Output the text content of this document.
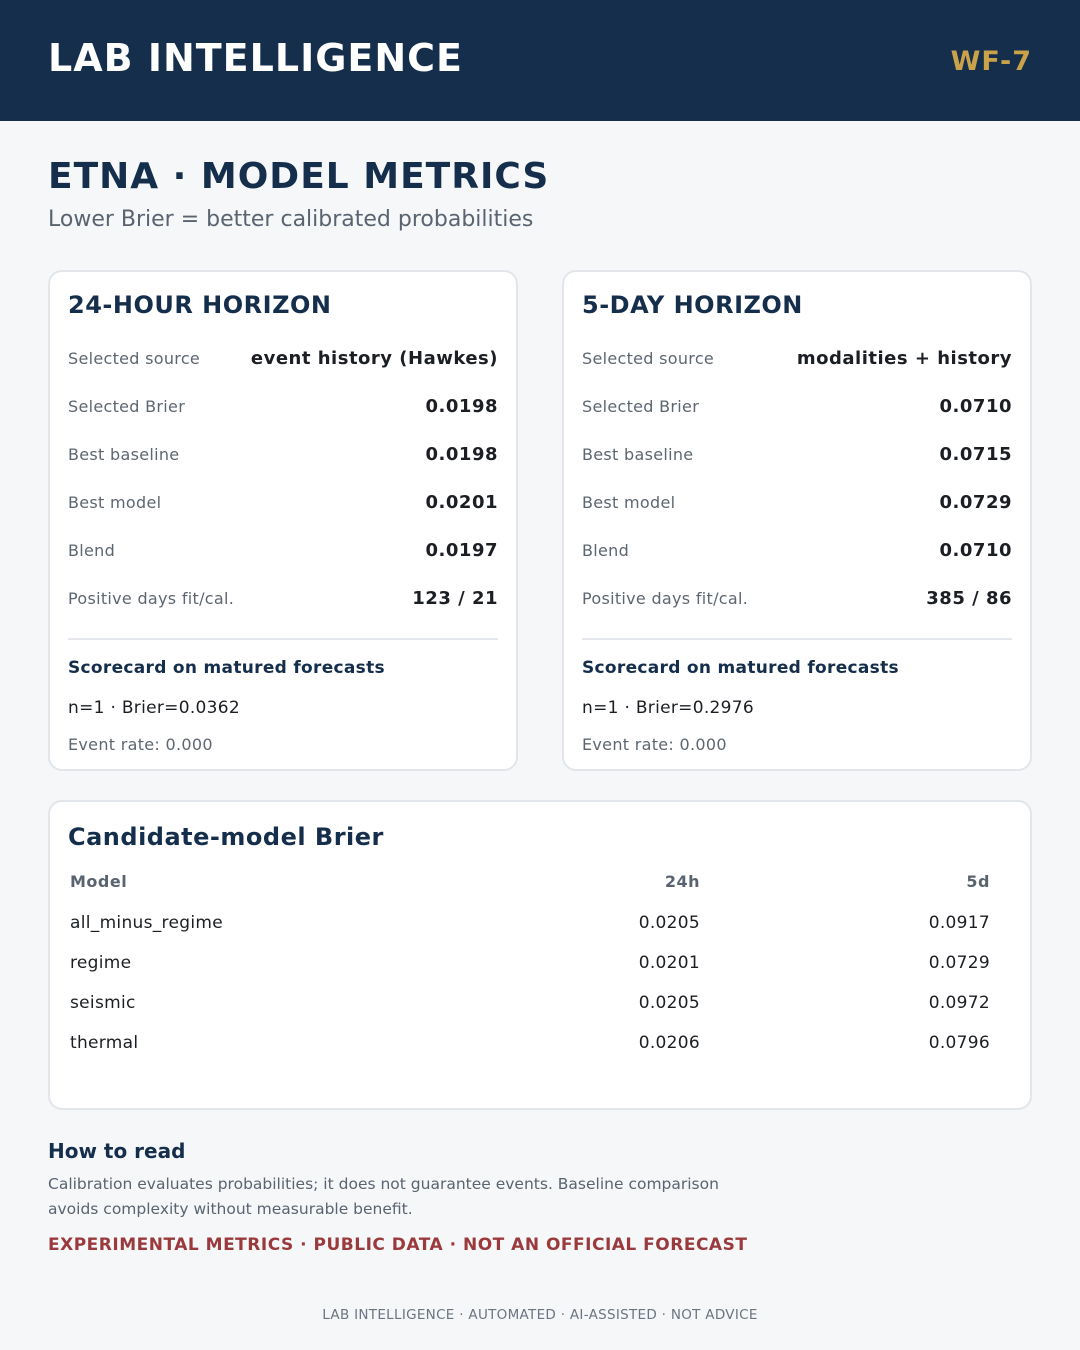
LAB INTELLIGENCE	WF-7
ETNA · MODEL METRICS
Lower Brier = better calibrated probabilities
24-HOUR HORIZON
Selected source	event history (Hawkes)
Selected Brier	0.0198
Best baseline	0.0198
Best model	0.0201
Blend	0.0197
Positive days fit/cal.	123 / 21
Scorecard on matured forecasts
n=1 · Brier=0.0362
Event rate: 0.000
5-DAY HORIZON
Selected source	modalities + history
Selected Brier	0.0710
Best baseline	0.0715
Best model	0.0729
Blend	0.0710
Positive days fit/cal.	385 / 86
Scorecard on matured forecasts
n=1 · Brier=0.2976
Event rate: 0.000
Candidate-model Brier
Model	24h	5d
all_minus_regime	0.0205	0.0917
regime	0.0201	0.0729
seismic	0.0205	0.0972
thermal	0.0206	0.0796
How to read
Calibration evaluates probabilities; it does not guarantee events. Baseline comparison
avoids complexity without measurable benefit.
EXPERIMENTAL METRICS · PUBLIC DATA · NOT AN OFFICIAL FORECAST
LAB INTELLIGENCE · AUTOMATED · AI-ASSISTED · NOT ADVICE
